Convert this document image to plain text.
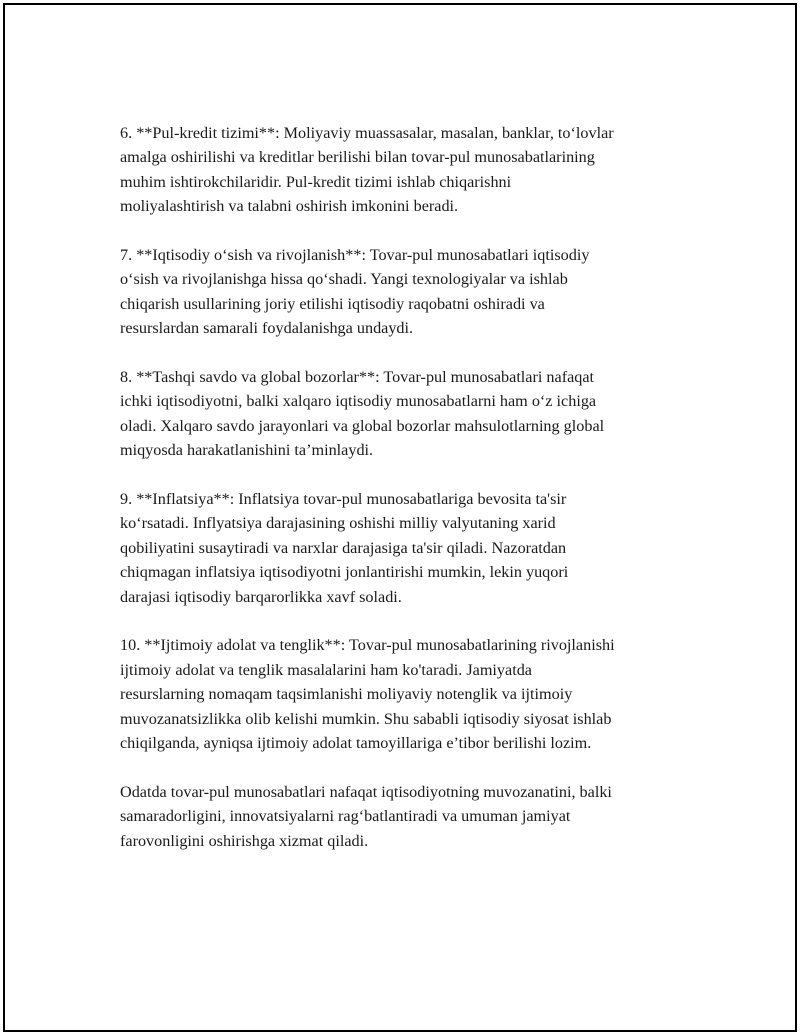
6. **Pul-kredit tizimi**: Moliyaviy muassasalar, masalan, banklar, to‘lovlar
amalga oshirilishi va kreditlar berilishi bilan tovar-pul munosabatlarining
muhim ishtirokchilaridir. Pul-kredit tizimi ishlab chiqarishni
moliyalashtirish va talabni oshirish imkonini beradi.

7. **Iqtisodiy o‘sish va rivojlanish**: Tovar-pul munosabatlari iqtisodiy
o‘sish va rivojlanishga hissa qo‘shadi. Yangi texnologiyalar va ishlab
chiqarish usullarining joriy etilishi iqtisodiy raqobatni oshiradi va
resurslardan samarali foydalanishga undaydi.

8. **Tashqi savdo va global bozorlar**: Tovar-pul munosabatlari nafaqat
ichki iqtisodiyotni, balki xalqaro iqtisodiy munosabatlarni ham o‘z ichiga
oladi. Xalqaro savdo jarayonlari va global bozorlar mahsulotlarning global
miqyosda harakatlanishini ta’minlaydi.

9. **Inflatsiya**: Inflatsiya tovar-pul munosabatlariga bevosita ta'sir
ko‘rsatadi. Inflyatsiya darajasining oshishi milliy valyutaning xarid
qobiliyatini susaytiradi va narxlar darajasiga ta'sir qiladi. Nazoratdan
chiqmagan inflatsiya iqtisodiyotni jonlantirishi mumkin, lekin yuqori
darajasi iqtisodiy barqarorlikka xavf soladi.

10. **Ijtimoiy adolat va tenglik**: Tovar-pul munosabatlarining rivojlanishi
ijtimoiy adolat va tenglik masalalarini ham ko'taradi. Jamiyatda
resurslarning nomaqam taqsimlanishi moliyaviy notenglik va ijtimoiy
muvozanatsizlikka olib kelishi mumkin. Shu sababli iqtisodiy siyosat ishlab
chiqilganda, ayniqsa ijtimoiy adolat tamoyillariga e’tibor berilishi lozim.

Odatda tovar-pul munosabatlari nafaqat iqtisodiyotning muvozanatini, balki
samaradorligini, innovatsiyalarni rag‘batlantiradi va umuman jamiyat
farovonligini oshirishga xizmat qiladi.
